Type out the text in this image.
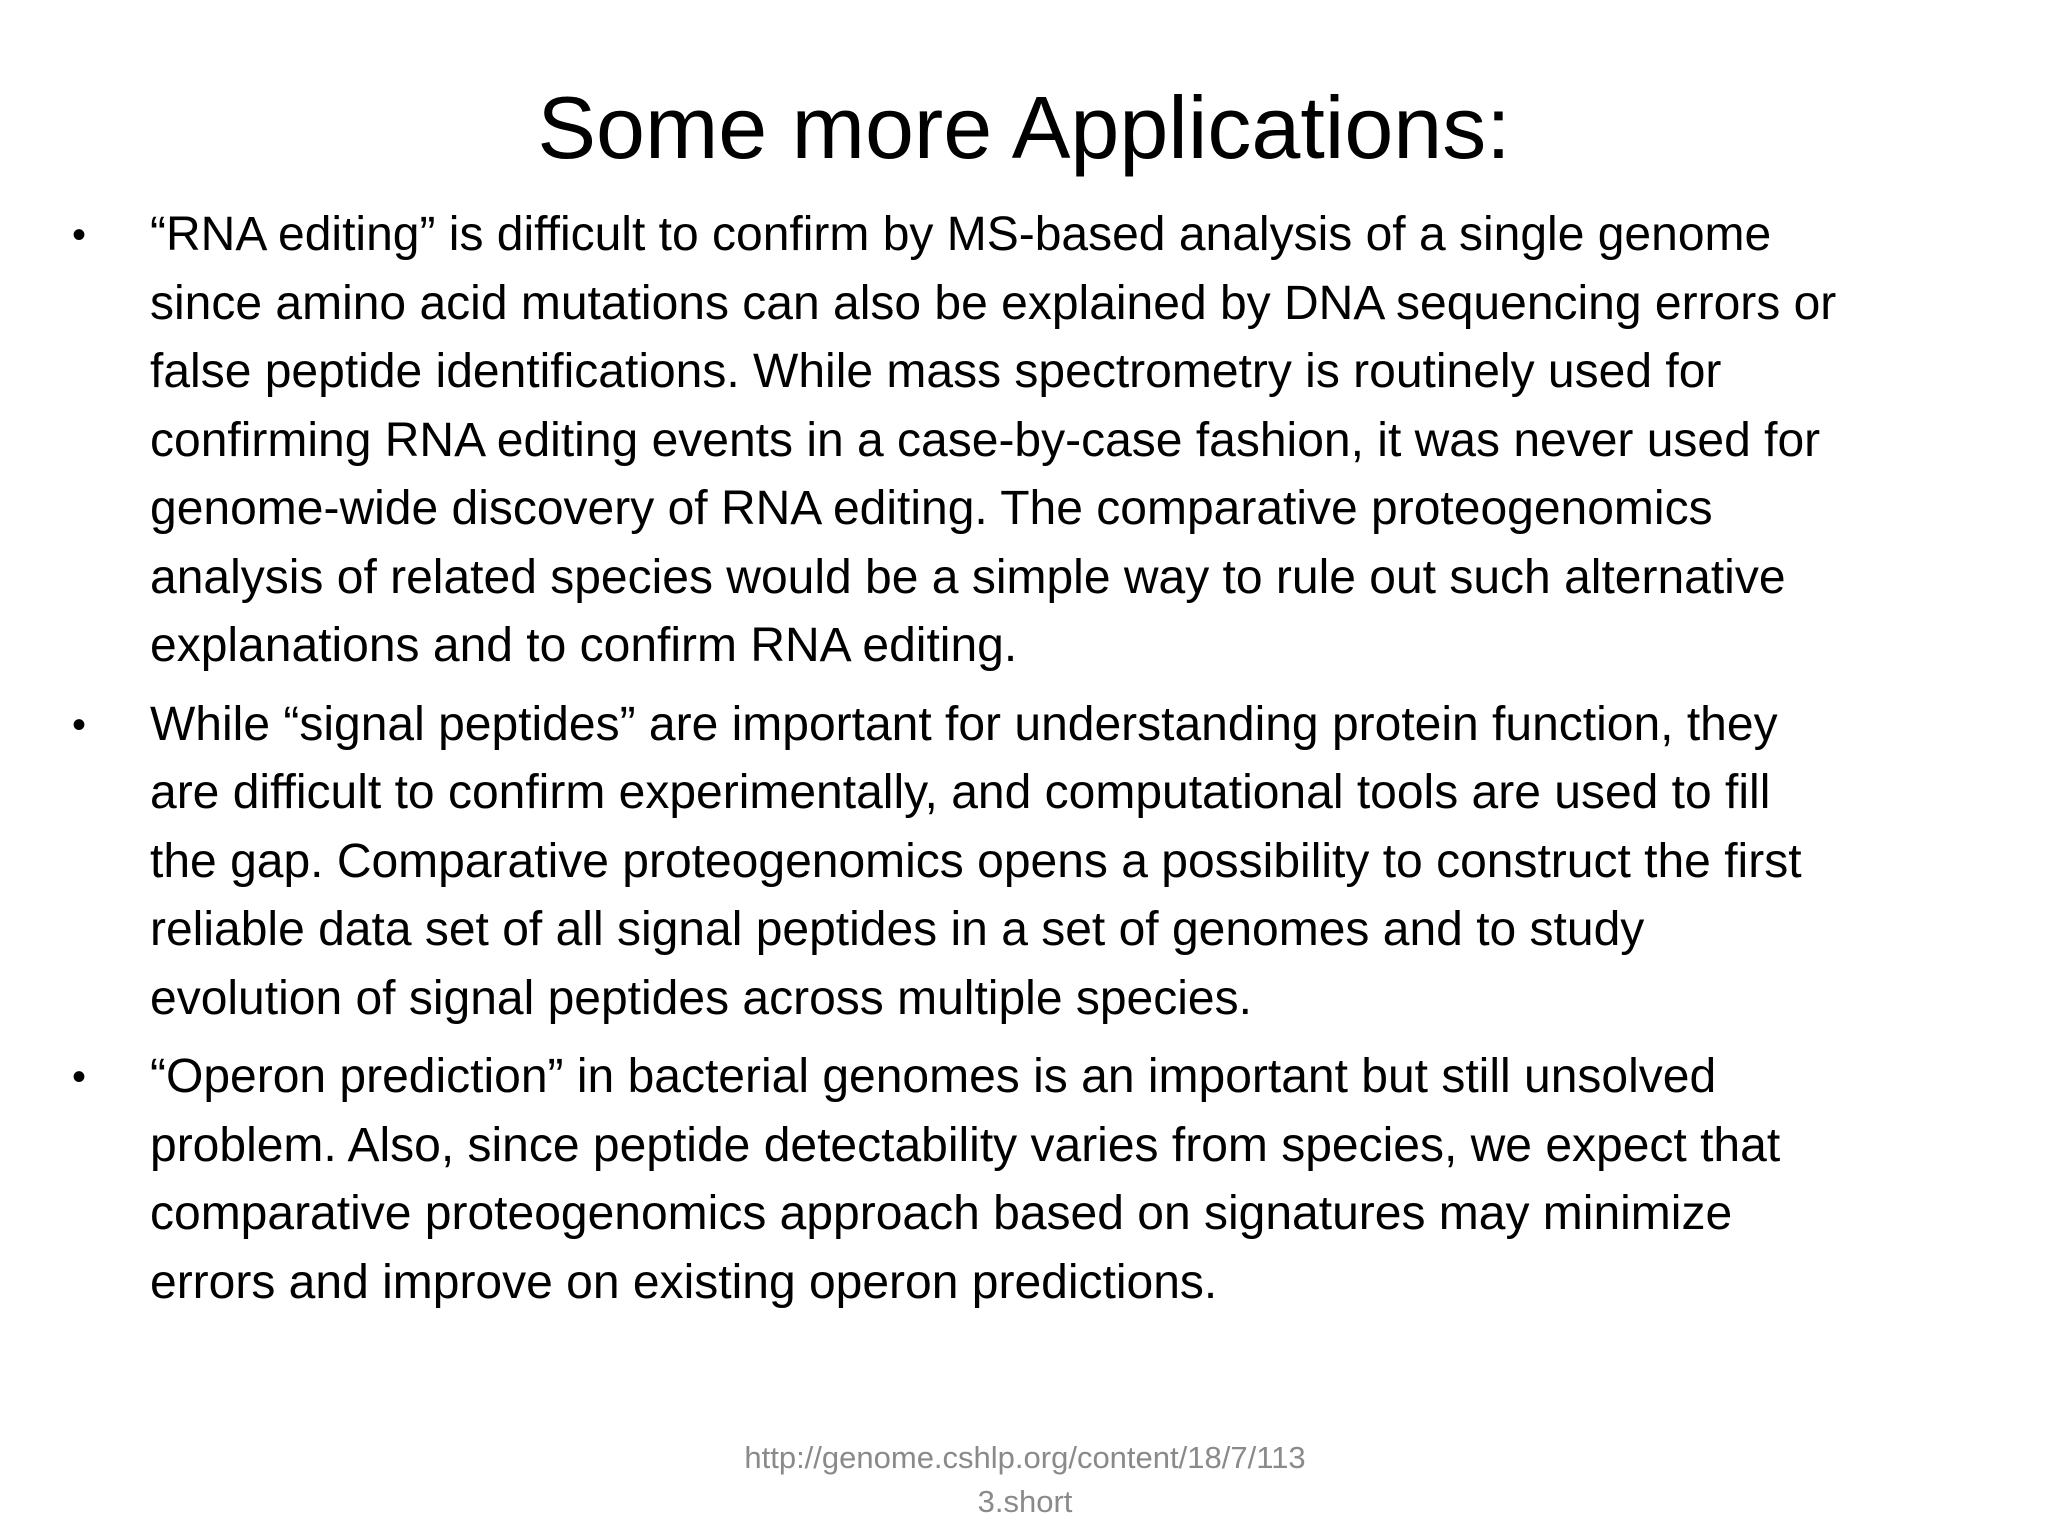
Some more Applications:
• “RNA editing” is difficult to confirm by MS-based analysis of a single genome
since amino acid mutations can also be explained by DNA sequencing errors or
false peptide identifications. While mass spectrometry is routinely used for
confirming RNA editing events in a case-by-case fashion, it was never used for
genome-wide discovery of RNA editing. The comparative proteogenomics
analysis of related species would be a simple way to rule out such alternative
explanations and to confirm RNA editing.
• While “signal peptides” are important for understanding protein function, they
are difficult to confirm experimentally, and computational tools are used to fill
the gap. Comparative proteogenomics opens a possibility to construct the first
reliable data set of all signal peptides in a set of genomes and to study
evolution of signal peptides across multiple species.
• “Operon prediction” in bacterial genomes is an important but still unsolved
problem. Also, since peptide detectability varies from species, we expect that
comparative proteogenomics approach based on signatures may minimize
errors and improve on existing operon predictions.
http://genome.cshlp.org/content/18/7/113
3.short
